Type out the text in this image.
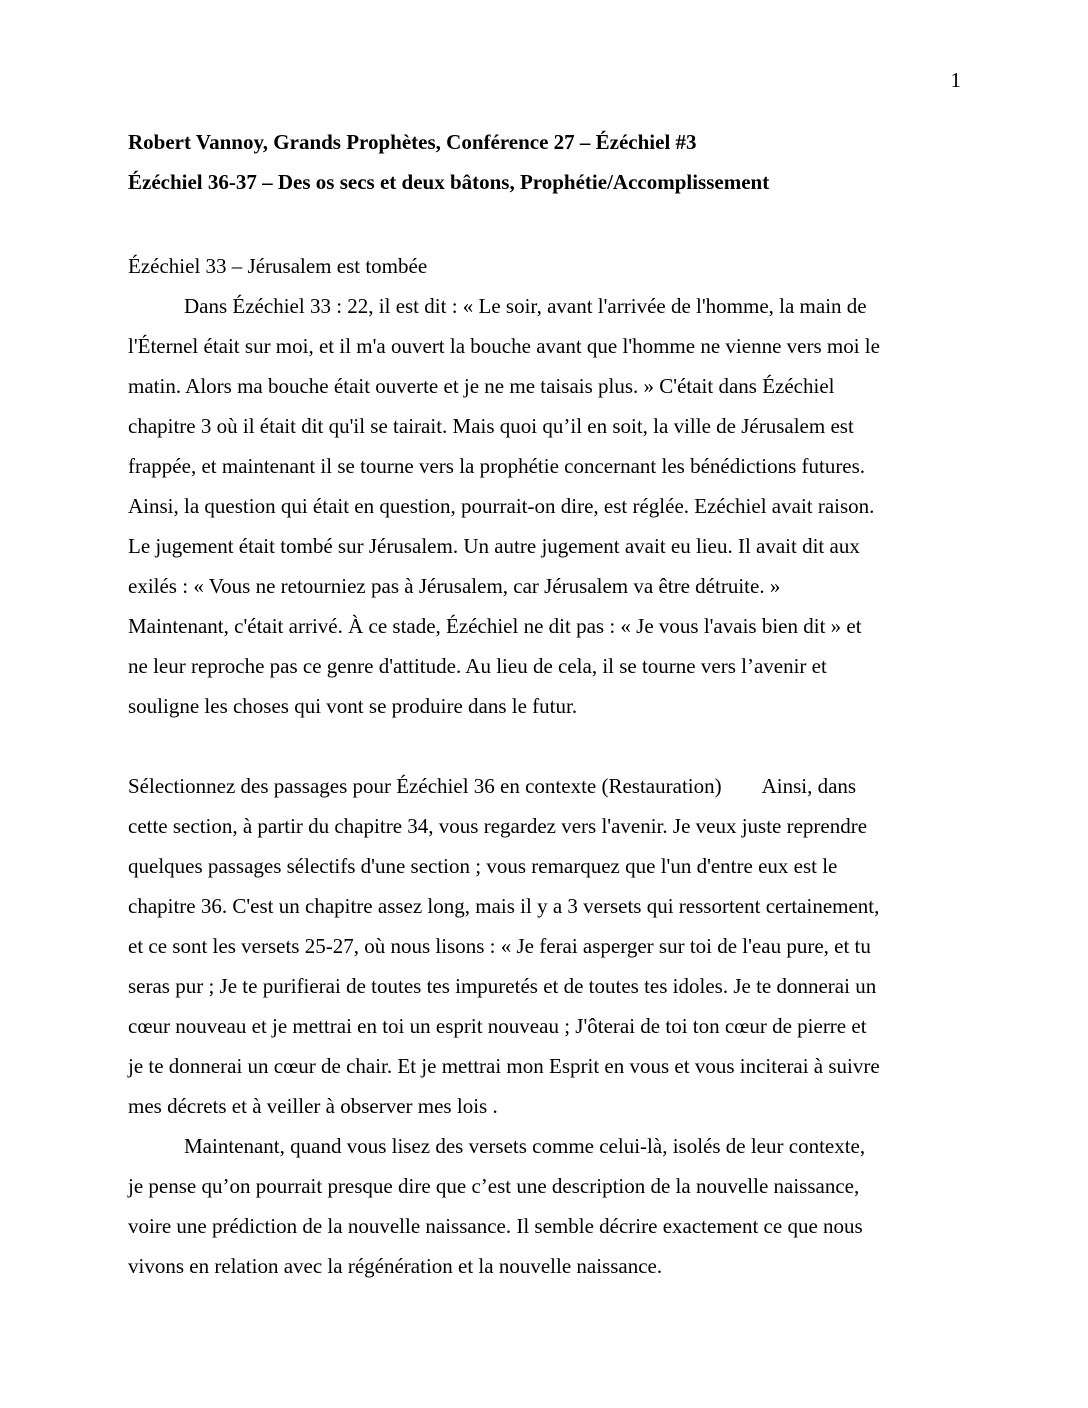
1
Robert Vannoy, Grands Prophètes, Conférence 27 – Ézéchiel #3
Ézéchiel 36-37 – Des os secs et deux bâtons, Prophétie/Accomplissement
Ézéchiel 33 – Jérusalem est tombée
Dans Ézéchiel 33 : 22, il est dit : « Le soir, avant l'arrivée de l'homme, la main de
l'Éternel était sur moi, et il m'a ouvert la bouche avant que l'homme ne vienne vers moi le
matin. Alors ma bouche était ouverte et je ne me taisais plus. » C'était dans Ézéchiel
chapitre 3 où il était dit qu'il se tairait. Mais quoi qu’il en soit, la ville de Jérusalem est
frappée, et maintenant il se tourne vers la prophétie concernant les bénédictions futures.
Ainsi, la question qui était en question, pourrait-on dire, est réglée. Ezéchiel avait raison.
Le jugement était tombé sur Jérusalem. Un autre jugement avait eu lieu. Il avait dit aux
exilés : « Vous ne retourniez pas à Jérusalem, car Jérusalem va être détruite. »
Maintenant, c'était arrivé. À ce stade, Ézéchiel ne dit pas : « Je vous l'avais bien dit » et
ne leur reproche pas ce genre d'attitude. Au lieu de cela, il se tourne vers l’avenir et
souligne les choses qui vont se produire dans le futur.
Sélectionnez des passages pour Ézéchiel 36 en contexte (Restauration) Ainsi, dans
cette section, à partir du chapitre 34, vous regardez vers l'avenir. Je veux juste reprendre
quelques passages sélectifs d'une section ; vous remarquez que l'un d'entre eux est le
chapitre 36. C'est un chapitre assez long, mais il y a 3 versets qui ressortent certainement,
et ce sont les versets 25-27, où nous lisons : « Je ferai asperger sur toi de l'eau pure, et tu
seras pur ; Je te purifierai de toutes tes impuretés et de toutes tes idoles. Je te donnerai un
cœur nouveau et je mettrai en toi un esprit nouveau ; J'ôterai de toi ton cœur de pierre et
je te donnerai un cœur de chair. Et je mettrai mon Esprit en vous et vous inciterai à suivre
mes décrets et à veiller à observer mes lois .
Maintenant, quand vous lisez des versets comme celui-là, isolés de leur contexte,
je pense qu’on pourrait presque dire que c’est une description de la nouvelle naissance,
voire une prédiction de la nouvelle naissance. Il semble décrire exactement ce que nous
vivons en relation avec la régénération et la nouvelle naissance.
